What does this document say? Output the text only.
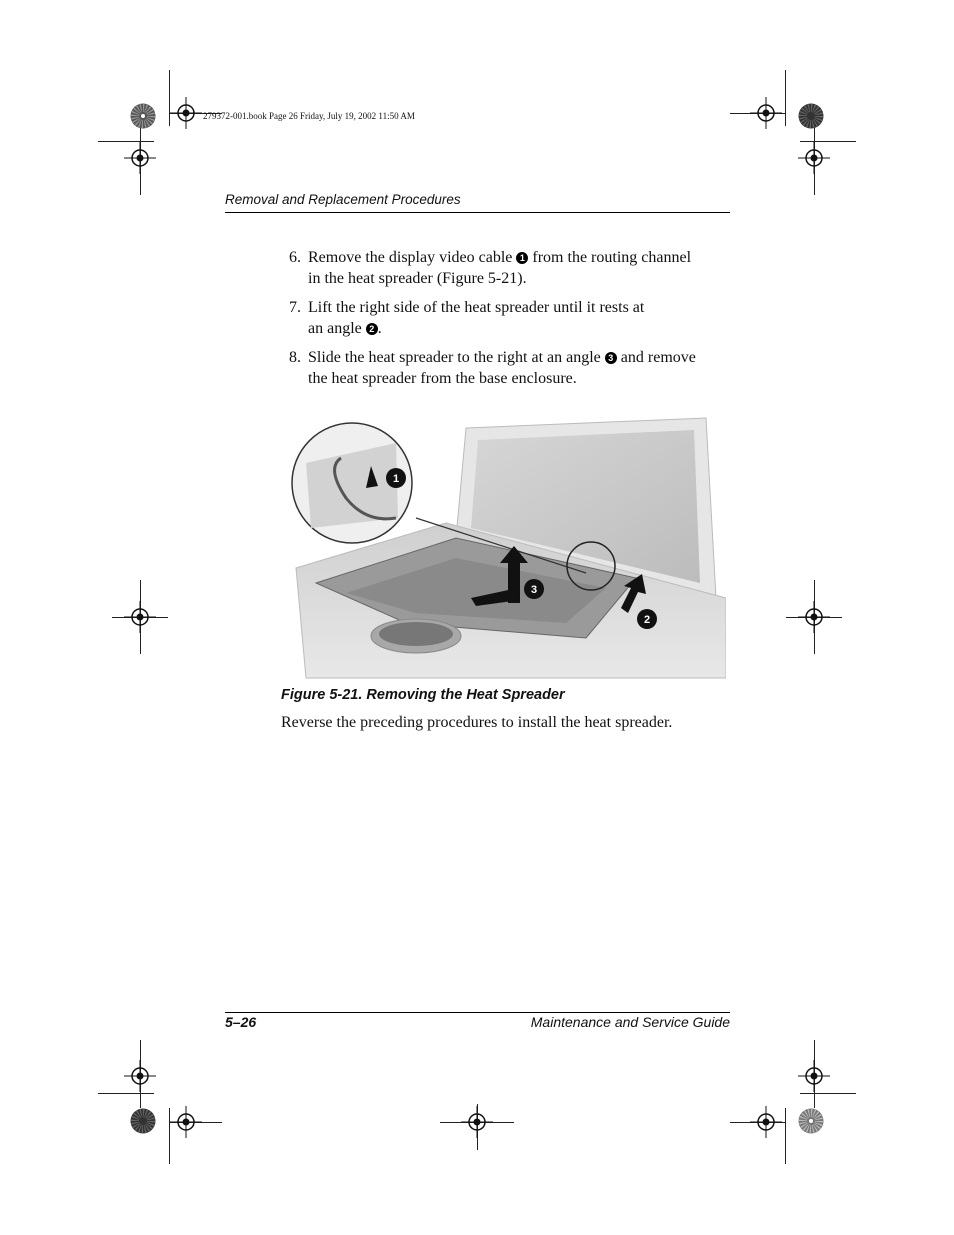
279372-001.book Page 26 Friday, July 19, 2002 11:50 AM
Removal and Replacement Procedures
6. Remove the display video cable 1 from the routing channel
in the heat spreader (Figure 5-21).
7. Lift the right side of the heat spreader until it rests at
an angle 2 .
8. Slide the heat spreader to the right at an angle 3 and remove
the heat spreader from the base enclosure.
1
2
3
Figure 5-21. Removing the Heat Spreader
Reverse the preceding procedures to install the heat spreader.
5–26	Maintenance and Service Guide
